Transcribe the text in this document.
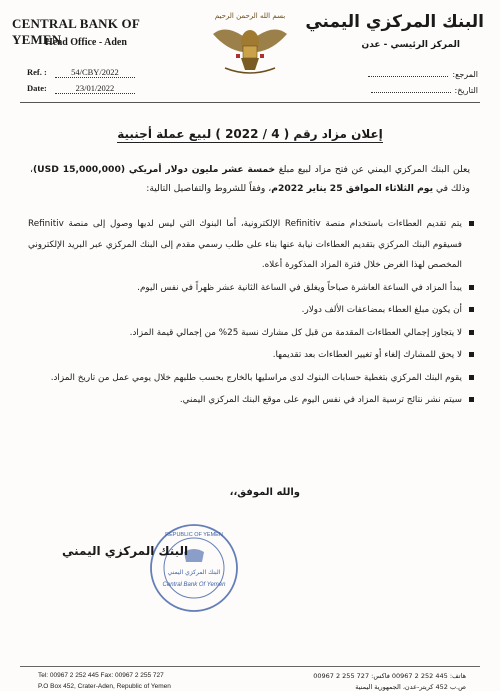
CENTRAL BANK OF YEMEN
Head Office - Aden
Ref. :	54/CBY/2022
Date:	23/01/2022
بسم الله الرحمن الرحيم البنك المركزي اليمني
المركز الرئيسي - عدن
المرجع:
التاريخ:
إعلان مزاد رقم ( 4 / 2022 ) لبيع عملة أجنبية
يعلن البنك المركزي اليمني عن فتح مزاد لبيع مبلغ خمسة عشر مليون دولار أمريكي (15,000,000 USD)، وذلك في يوم الثلاثاء الموافق 25 يناير 2022م، وفقاً للشروط والتفاصيل التالية:
يتم تقديم العطاءات باستخدام منصة Refinitiv الإلكترونية، أما البنوك التي ليس لديها وصول إلى منصة Refinitiv فسيقوم البنك المركزي بتقديم العطاءات نيابة عنها بناء على طلب رسمي مقدم إلى البنك المركزي عبر البريد الإلكتروني المخصص لهذا الغرض خلال فترة المزاد المذكورة أعلاه.
يبدأ المزاد في الساعة العاشرة صباحاً ويغلق في الساعة الثانية عشر ظهراً في نفس اليوم.
أن يكون مبلغ العطاء بمضاعفات الألف دولار.
لا يتجاوز إجمالي العطاءات المقدمة من قبل كل مشارك نسبة 25% من إجمالي قيمة المزاد.
لا يحق للمشارك إلغاء أو تغيير العطاءات بعد تقديمها.
يقوم البنك المركزي بتغطية حسابات البنوك لدى مراسليها بالخارج بحسب طلبهم خلال يومي عمل من تاريخ المزاد.
سيتم نشر نتائج ترسية المزاد في نفس اليوم على موقع البنك المركزي اليمني.
والله الموفق،،
REPUBLIC OF YEMEN
البنك المركزي اليمني
Central Bank Of Yemen
البنك المركزي اليمني
Tel: 00967 2 252 445 Fax: 00967 2 255 727
P.O Box 452, Crater-Aden, Republic of Yemen
هاتف: 445 252 2 00967 فاكس: 727 255 2 00967
ص.ب 452 كريتر-عدن، الجمهورية اليمنية
